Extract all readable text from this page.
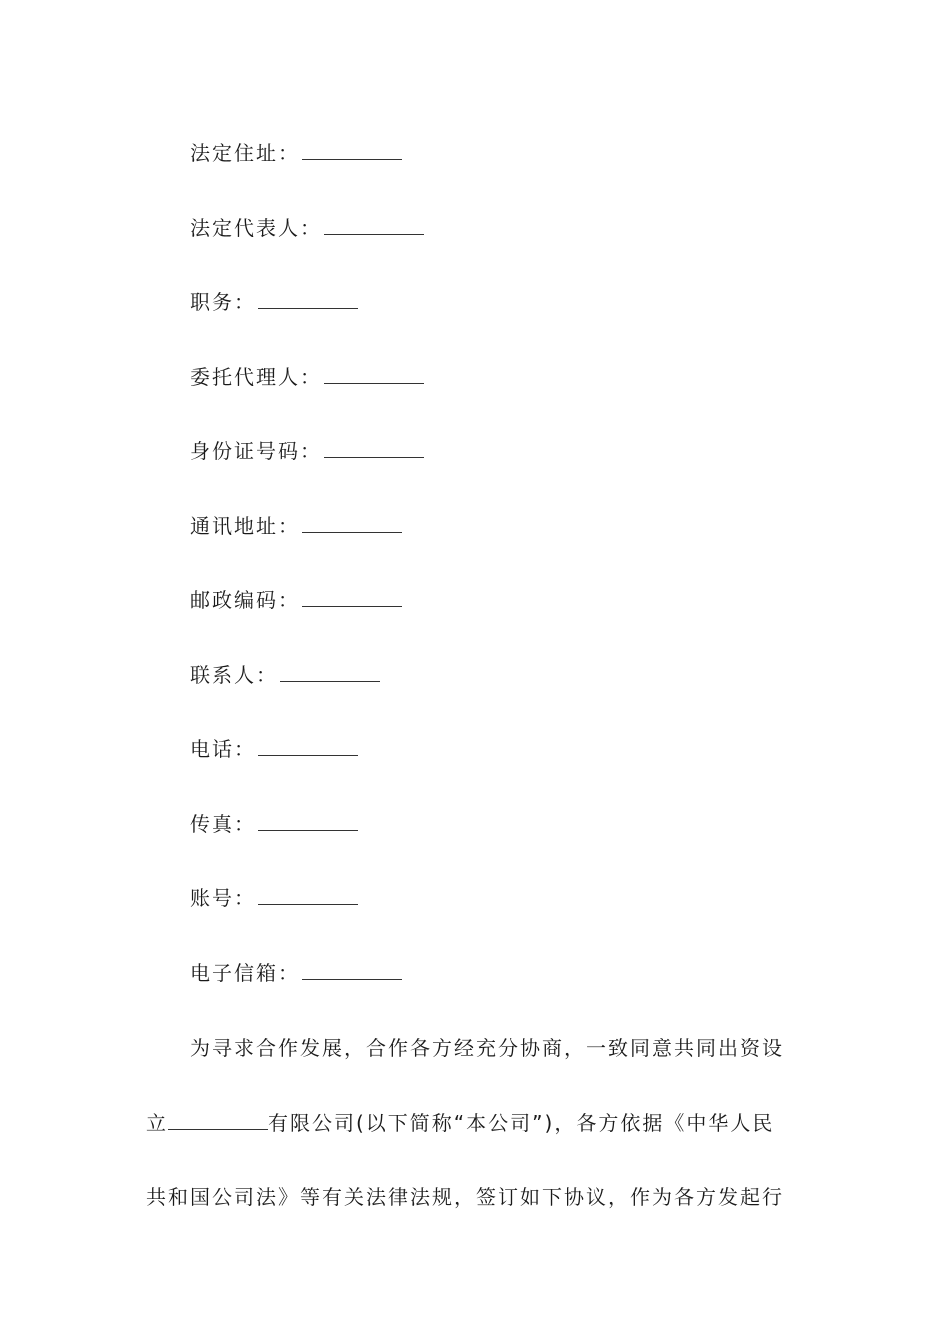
法定住址：
法定代表人：
职务：
委托代理人：
身份证号码：
通讯地址：
邮政编码：
联系人：
电话：
传真：
账号：
电子信箱：
为寻求合作发展，合作各方经充分协商，一致同意共同出资设
立	有限公司(以下简称“本公司”)，各方依据《中华人民
共和国公司法》等有关法律法规，签订如下协议，作为各方发起行
